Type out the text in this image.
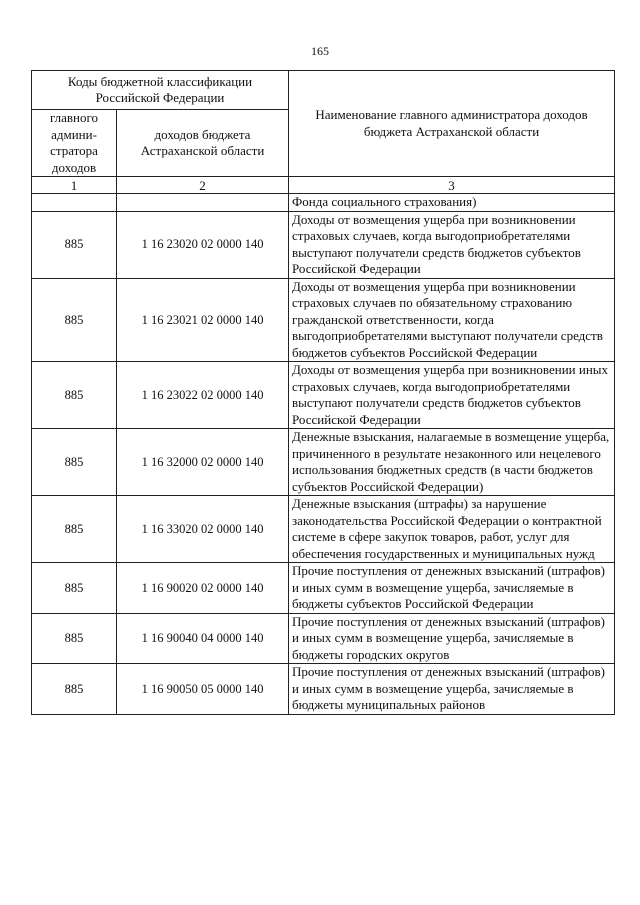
165
Коды бюджетной классификации Российской Федерации		Наименование главного администратора доходов бюджета Астраханской области
главного админи-стратора доходов	доходов бюджета Астраханской области	
1	2	3
		Фонда социального страхования)
885	1 16 23020 02 0000 140	Доходы от возмещения ущерба при возникновении страховых случаев, когда выгодоприобретателями выступают получатели средств бюджетов субъектов Российской Федерации
885	1 16 23021 02 0000 140	Доходы от возмещения ущерба при возникновении страховых случаев по обязательному страхованию гражданской ответственности, когда выгодоприобретателями выступают получатели средств бюджетов субъектов Российской Федерации
885	1 16 23022 02 0000 140	Доходы от возмещения ущерба при возникновении иных страховых случаев, когда выгодоприобретателями выступают получатели средств бюджетов субъектов Российской Федерации
885	1 16 32000 02 0000 140	Денежные взыскания, налагаемые в возмещение ущерба, причиненного в результате незаконного или нецелевого использования бюджетных средств (в части бюджетов субъектов Российской Федерации)
885	1 16 33020 02 0000 140	Денежные взыскания (штрафы) за нарушение законодательства Российской Федерации о контрактной системе в сфере закупок товаров, работ, услуг для обеспечения государственных и муниципальных нужд
885	1 16 90020 02 0000 140	Прочие поступления от денежных взысканий (штрафов) и иных сумм в возмещение ущерба, зачисляемые в бюджеты субъектов Российской Федерации
885	1 16 90040 04 0000 140	Прочие поступления от денежных взысканий (штрафов) и иных сумм в возмещение ущерба, зачисляемые в бюджеты городских округов
885	1 16 90050 05 0000 140	Прочие поступления от денежных взысканий (штрафов) и иных сумм в возмещение ущерба, зачисляемые в бюджеты муниципальных районов
